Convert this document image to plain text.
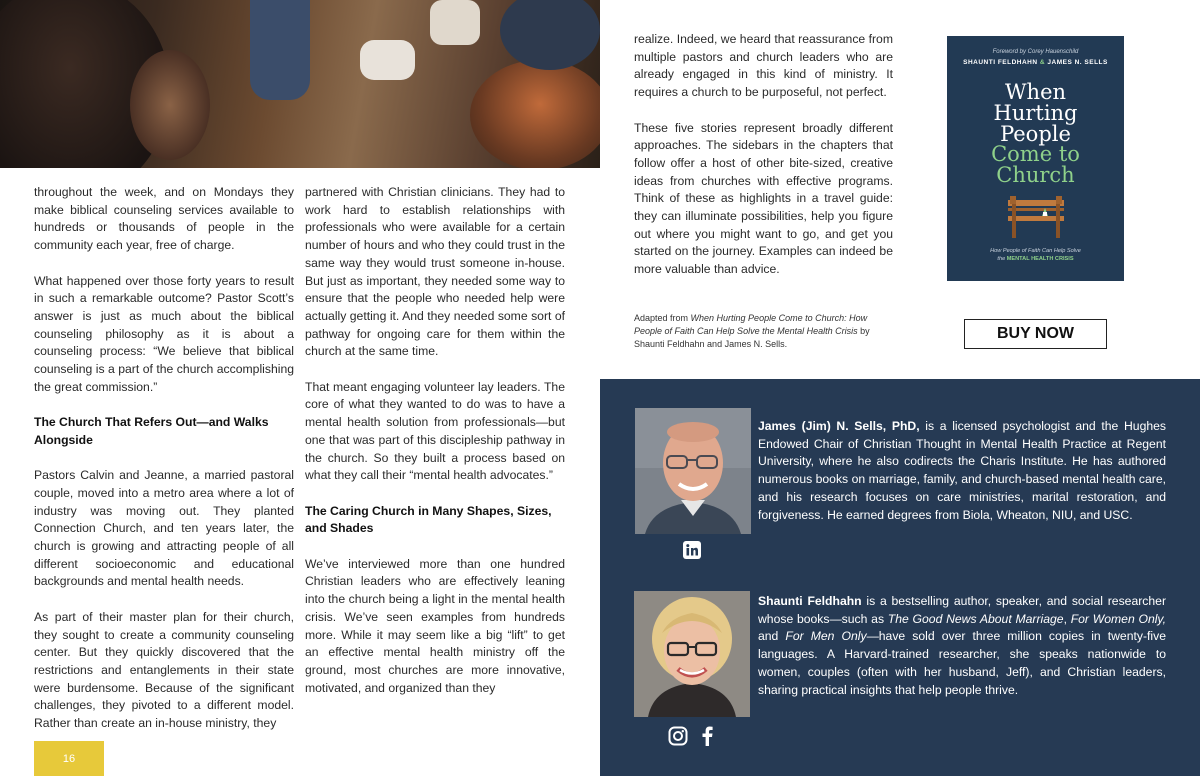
throughout the week, and on Mondays they make biblical counseling services available to hundreds or thousands of people in the community each year, free of charge.

What happened over those forty years to result in such a remarkable outcome? Pastor Scott’s answer is just as much about the biblical counseling philosophy as it is about a counseling process: “We believe that biblical counseling is a part of the church accomplishing the great commission.”

The Church That Refers Out—and Walks Alongside

Pastors Calvin and Jeanne, a married pastoral couple, moved into a metro area where a lot of industry was moving out. They planted Connection Church, and ten years later, the church is growing and attracting people of all different socioeconomic and educational backgrounds and mental health needs.

As part of their master plan for their church, they sought to create a community counseling center. But they quickly discovered that the restrictions and entanglements in their state were burdensome. Because of the significant challenges, they pivoted to a different model. Rather than create an in-house ministry, they

partnered with Christian clinicians. They had to work hard to establish relationships with professionals who were available for a certain number of hours and who they could trust in the same way they would trust someone in-house. But just as important, they needed some way to ensure that the people who needed help were actually getting it. And they needed some sort of pathway for ongoing care for them within the church at the same time.

That meant engaging volunteer lay leaders. The core of what they wanted to do was to have a mental health solution from professionals—but one that was part of this discipleship pathway in the church. So they built a process based on what they call their “mental health advocates.”

The Caring Church in Many Shapes, Sizes, and Shades

We’ve interviewed more than one hundred Christian leaders who are effectively leaning into the church being a light in the mental health crisis. We’ve seen examples from hundreds more. While it may seem like a big “lift” to get an effective mental health ministry off the ground, most churches are more innovative, motivated, and organized than they

16

realize. Indeed, we heard that reassurance from multiple pastors and church leaders who are already engaged in this kind of ministry. It requires a church to be purposeful, not perfect.

These five stories represent broadly different approaches. The sidebars in the chapters that follow offer a host of other bite-sized, creative ideas from churches with effective programs. Think of these as highlights in a travel guide: they can illuminate possibilities, help you figure out where you might want to go, and get you started on the journey. Examples can indeed be more valuable than advice.

Adapted from When Hurting People Come to Church: How People of Faith Can Help Solve the Mental Health Crisis by Shaunti Feldhahn and James N. Sells.
Foreword by Corey Hauenschild
SHAUNTI FELDHAHN & JAMES N. SELLS
When
Hurting
People
Come to
Church
How People of Faith Can Help Solve
the MENTAL HEALTH CRISIS
BUY NOW
James (Jim) N. Sells, PhD, is a licensed psychologist and the Hughes Endowed Chair of Christian Thought in Mental Health Practice at Regent University, where he also codirects the Charis Institute. He has authored numerous books on marriage, family, and church-based mental health care, and his research focuses on care ministries, marital restoration, and forgiveness. He earned degrees from Biola, Wheaton, NIU, and USC.
Shaunti Feldhahn is a bestselling author, speaker, and social researcher whose books—such as The Good News About Marriage, For Women Only, and For Men Only—have sold over three million copies in twenty-five languages. A Harvard-trained researcher, she speaks nationwide to women, couples (often with her husband, Jeff), and Christian leaders, sharing practical insights that help people thrive.
